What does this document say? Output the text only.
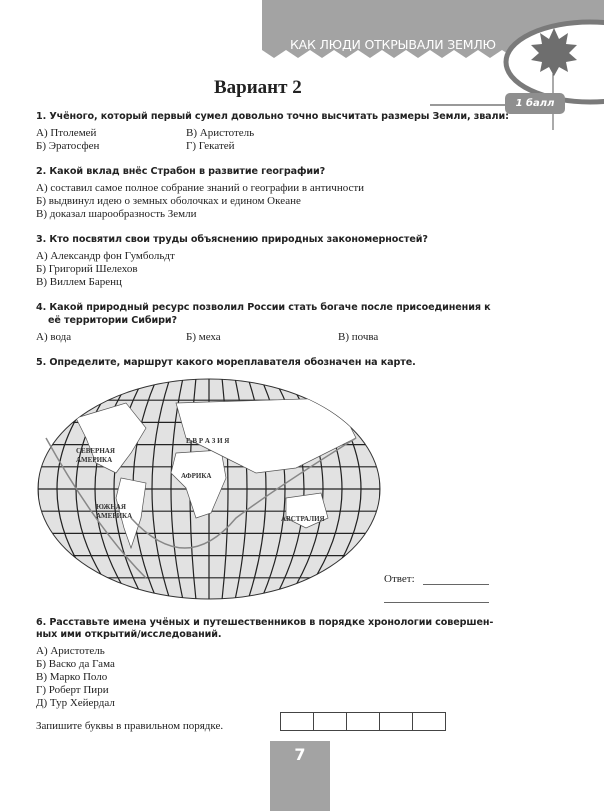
КАК ЛЮДИ ОТКРЫВАЛИ ЗЕМЛЮ
1 балл
Вариант 2
1. Учёного, который первый сумел довольно точно высчитать размеры Земли, звали:
А) Птолемей
Б) Эратосфен
В) Аристотель
Г) Гекатей
2. Какой вклад внёс Страбон в развитие географии?
А) составил самое полное собрание знаний о географии в античности
Б) выдвинул идею о земных оболочках и едином Океане
В) доказал шарообразность Земли
3. Кто посвятил свои труды объяснению природных закономерностей?
А) Александр фон Гумбольдт
Б) Григорий Шелехов
В) Виллем Баренц
4. Какой природный ресурс позволил России стать богаче после присоединения к
её территории Сибири?
А) вода	Б) меха	В) почва
5. Определите, маршрут какого мореплавателя обозначен на карте.
СЕВЕРНАЯ
АМЕРИКА
ЮЖНАЯ
АМЕРИКА
АФРИКА
АВСТРАЛИЯ
Е В Р А З И Я
Ответ:
6. Расставьте имена учёных и путешественников в порядке хронологии совершен-
ных ими открытий/исследований.
А) Аристотель
Б) Васко да Гама
В) Марко Поло
Г) Роберт Пири
Д) Тур Хейердал
Запишите буквы в правильном порядке.
7
